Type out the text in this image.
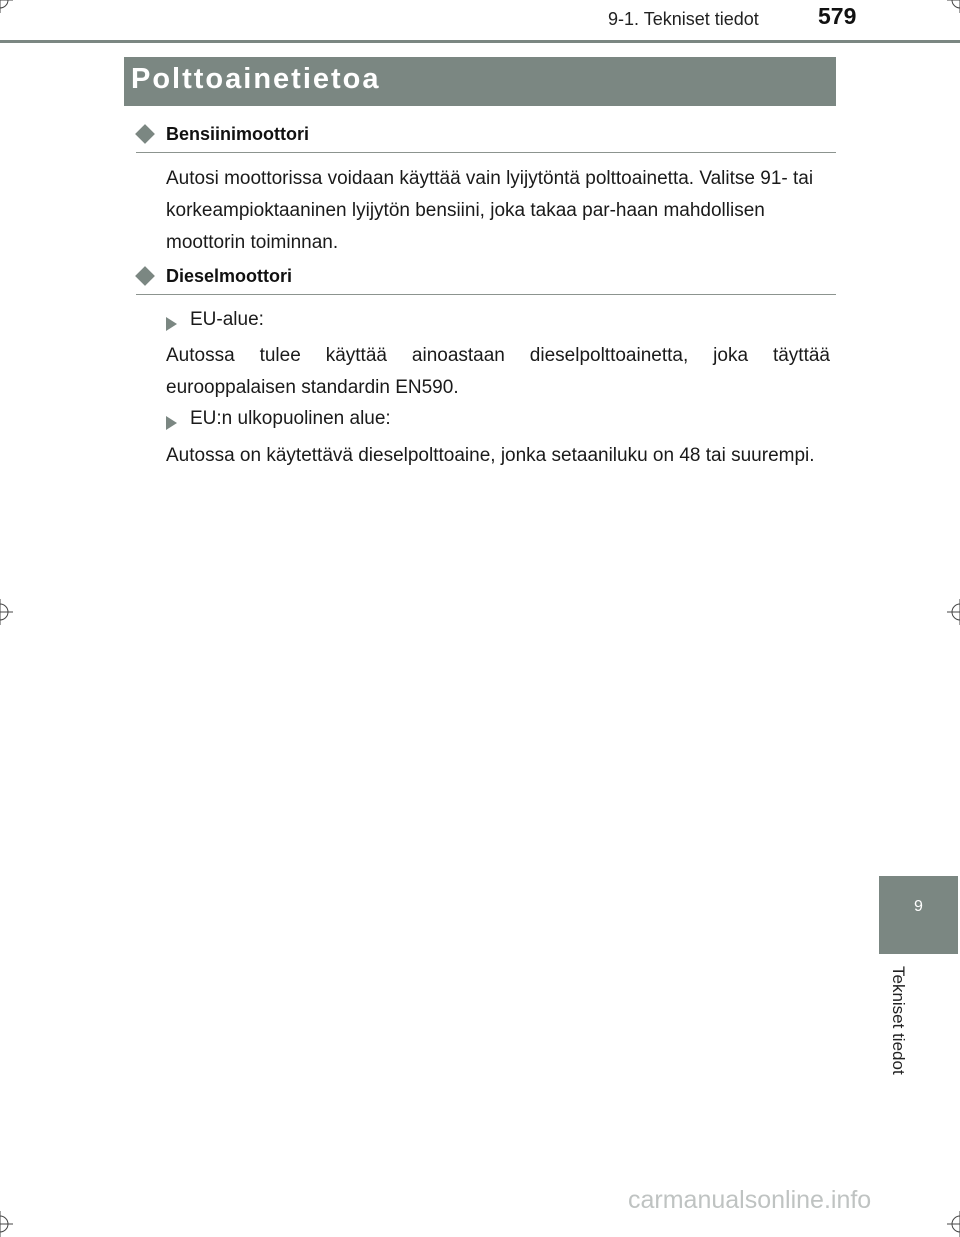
9-1. Tekniset tiedot	579
Polttoainetietoa
Bensiinimoottori
Autosi moottorissa voidaan käyttää vain lyijytöntä polttoainetta. Valitse 91- tai korkeampioktaaninen lyijytön bensiini, joka takaa par-haan mahdollisen moottorin toiminnan.
Dieselmoottori
EU-alue:
Autossa tulee käyttää ainoastaan dieselpolttoainetta, joka täyttää eurooppalaisen standardin EN590.
EU:n ulkopuolinen alue:
Autossa on käytettävä dieselpolttoaine, jonka setaaniluku on 48 tai suurempi.
9
Tekniset tiedot
carmanualsonline.info
